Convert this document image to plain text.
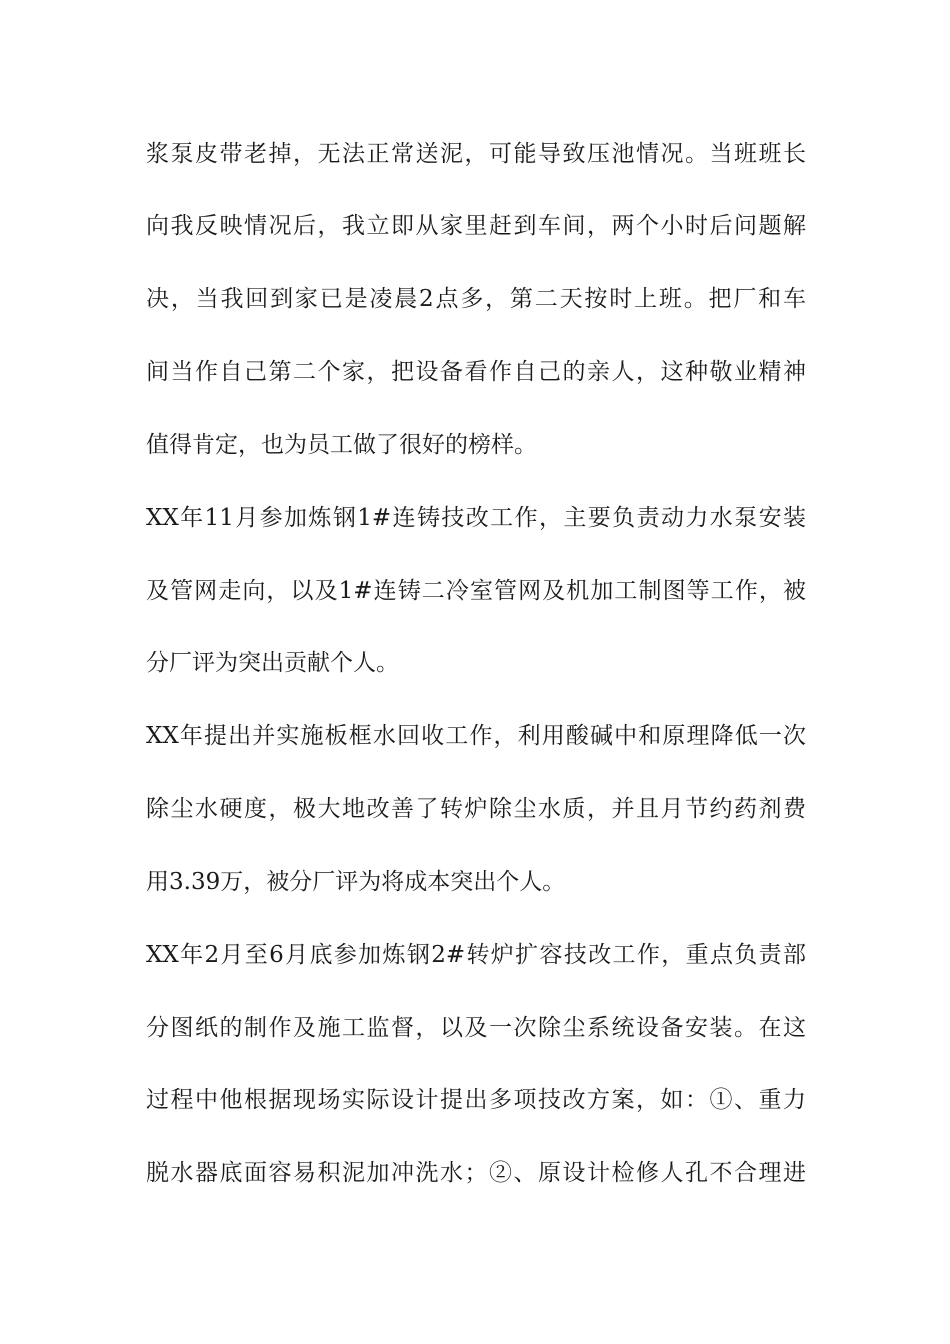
浆泵皮带老掉，无法正常送泥，可能导致压池情况。当班班长
向我反映情况后，我立即从家里赶到车间，两个小时后问题解
决，当我回到家已是凌晨2点多，第二天按时上班。把厂和车
间当作自己第二个家，把设备看作自己的亲人，这种敬业精神
值得肯定，也为员工做了很好的榜样。
XX年11月参加炼钢1#连铸技改工作，主要负责动力水泵安装
及管网走向，以及1#连铸二冷室管网及机加工制图等工作，被
分厂评为突出贡献个人。
XX年提出并实施板框水回收工作，利用酸碱中和原理降低一次
除尘水硬度，极大地改善了转炉除尘水质，并且月节约药剂费
用3.39万，被分厂评为将成本突出个人。
XX年2月至6月底参加炼钢2#转炉扩容技改工作，重点负责部
分图纸的制作及施工监督，以及一次除尘系统设备安装。在这
过程中他根据现场实际设计提出多项技改方案，如：①、重力
脱水器底面容易积泥加冲洗水；②、原设计检修人孔不合理进
